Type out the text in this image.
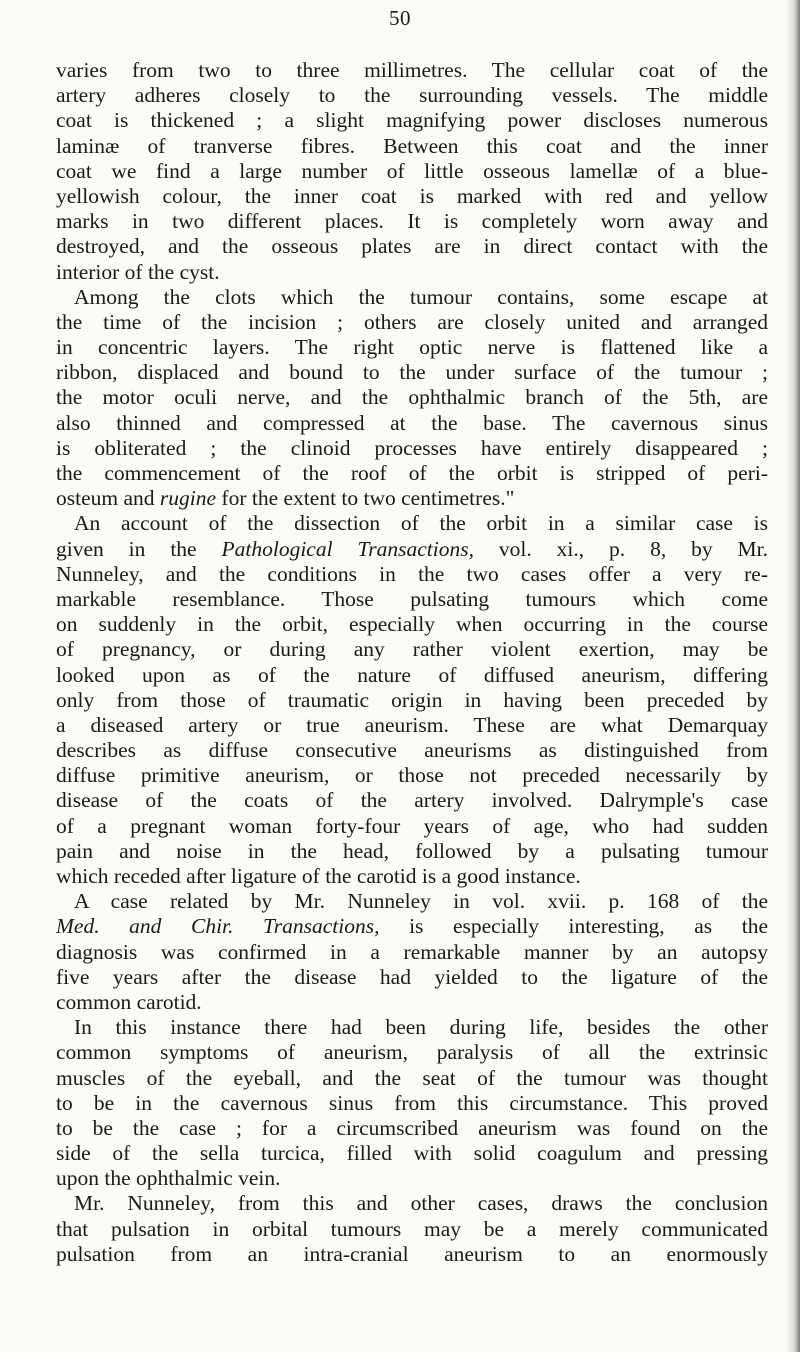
50
varies from two to three millimetres. The cellular coat of the
artery adheres closely to the surrounding vessels. The middle
coat is thickened ; a slight magnifying power discloses numerous
laminæ of tranverse fibres. Between this coat and the inner
coat we find a large number of little osseous lamellæ of a blue-
yellowish colour, the inner coat is marked with red and yellow
marks in two different places. It is completely worn away and
destroyed, and the osseous plates are in direct contact with the
interior of the cyst.
Among the clots which the tumour contains, some escape at
the time of the incision ; others are closely united and arranged
in concentric layers. The right optic nerve is flattened like a
ribbon, displaced and bound to the under surface of the tumour ;
the motor oculi nerve, and the ophthalmic branch of the 5th, are
also thinned and compressed at the base. The cavernous sinus
is obliterated ; the clinoid processes have entirely disappeared ;
the commencement of the roof of the orbit is stripped of peri-
osteum and rugine for the extent to two centimetres."
An account of the dissection of the orbit in a similar case is
given in the Pathological Transactions, vol. xi., p. 8, by Mr.
Nunneley, and the conditions in the two cases offer a very re-
markable resemblance. Those pulsating tumours which come
on suddenly in the orbit, especially when occurring in the course
of pregnancy, or during any rather violent exertion, may be
looked upon as of the nature of diffused aneurism, differing
only from those of traumatic origin in having been preceded by
a diseased artery or true aneurism. These are what Demarquay
describes as diffuse consecutive aneurisms as distinguished from
diffuse primitive aneurism, or those not preceded necessarily by
disease of the coats of the artery involved. Dalrymple's case
of a pregnant woman forty-four years of age, who had sudden
pain and noise in the head, followed by a pulsating tumour
which receded after ligature of the carotid is a good instance.
A case related by Mr. Nunneley in vol. xvii. p. 168 of the
Med. and Chir. Transactions, is especially interesting, as the
diagnosis was confirmed in a remarkable manner by an autopsy
five years after the disease had yielded to the ligature of the
common carotid.
In this instance there had been during life, besides the other
common symptoms of aneurism, paralysis of all the extrinsic
muscles of the eyeball, and the seat of the tumour was thought
to be in the cavernous sinus from this circumstance. This proved
to be the case ; for a circumscribed aneurism was found on the
side of the sella turcica, filled with solid coagulum and pressing
upon the ophthalmic vein.
Mr. Nunneley, from this and other cases, draws the conclusion
that pulsation in orbital tumours may be a merely communicated
pulsation from an intra-cranial aneurism to an enormously
